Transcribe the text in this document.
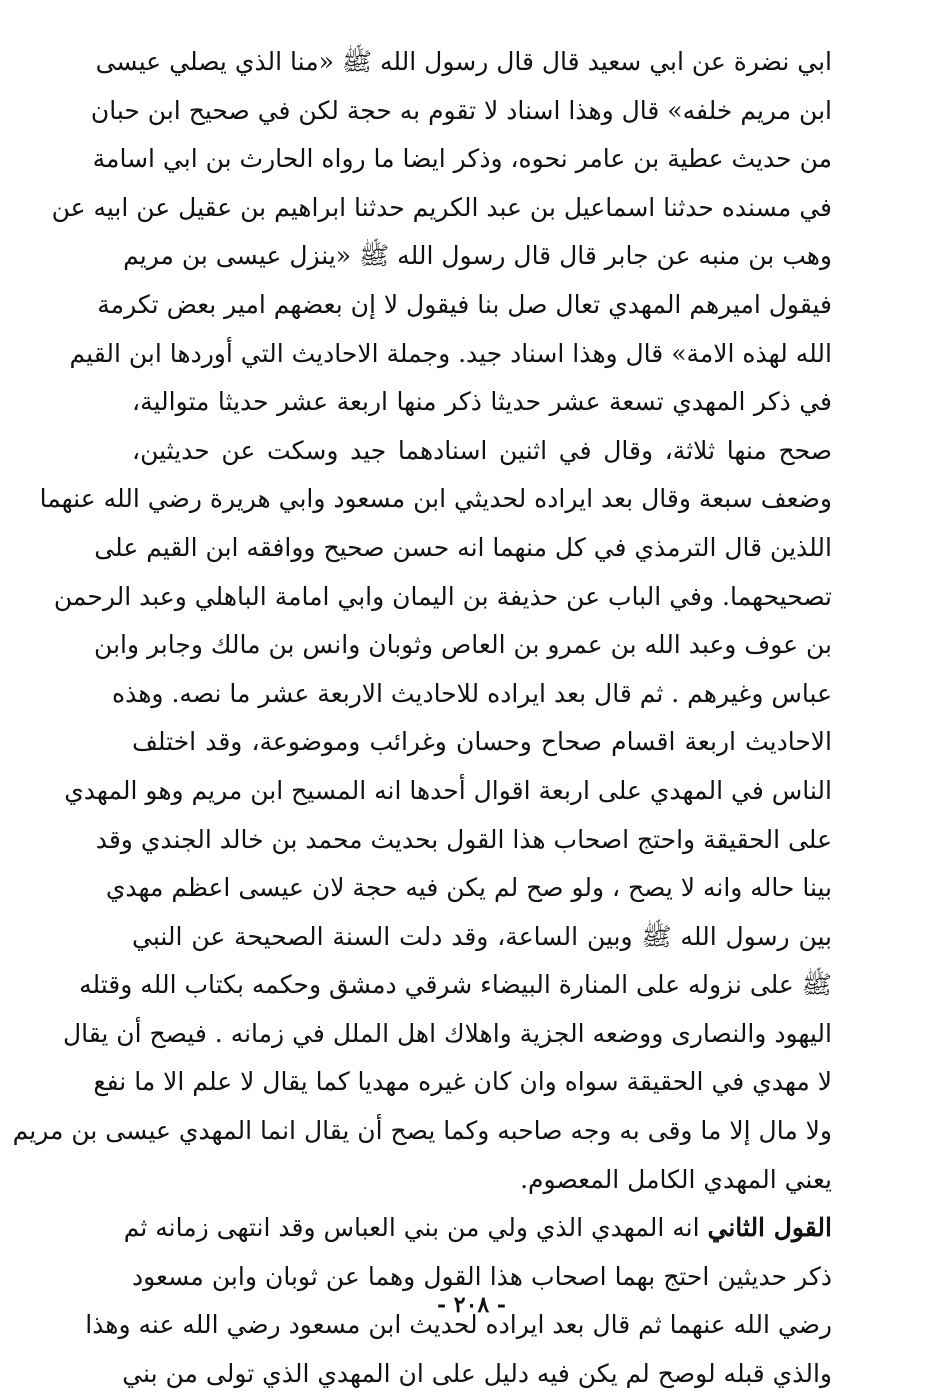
ابي نضرة عن ابي سعيد قال قال رسول الله ﷺ «منا الذي يصلي عيسى
ابن مريم خلفه» قال وهذا اسناد لا تقوم به حجة لكن في صحيح ابن حبان
من حديث عطية بن عامر نحوه، وذكر ايضا ما رواه الحارث بن ابي اسامة
في مسنده حدثنا اسماعيل بن عبد الكريم حدثنا ابراهيم بن عقيل عن ابيه عن
وهب بن منبه عن جابر قال قال رسول الله ﷺ «ينزل عيسى بن مريم
فيقول اميرهم المهدي تعال صل بنا فيقول لا إن بعضهم امير بعض تكرمة
الله لهذه الامة» قال وهذا اسناد جيد. وجملة الاحاديث التي أوردها ابن القيم
في ذكر المهدي تسعة عشر حديثا ذكر منها اربعة عشر حديثا متوالية،
صحح منها ثلاثة، وقال في اثنين اسنادهما جيد وسكت عن حديثين،
وضعف سبعة وقال بعد ايراده لحديثي ابن مسعود وابي هريرة رضي الله عنهما
اللذين قال الترمذي في كل منهما انه حسن صحيح ووافقه ابن القيم على
تصحيحهما. وفي الباب عن حذيفة بن اليمان وابي امامة الباهلي وعبد الرحمن
بن عوف وعبد الله بن عمرو بن العاص وثوبان وانس بن مالك وجابر وابن
عباس وغيرهم . ثم قال بعد ايراده للاحاديث الاربعة عشر ما نصه. وهذه
الاحاديث اربعة اقسام صحاح وحسان وغرائب وموضوعة، وقد اختلف
الناس في المهدي على اربعة اقوال أحدها انه المسيح ابن مريم وهو المهدي
على الحقيقة واحتج اصحاب هذا القول بحديث محمد بن خالد الجندي وقد
بينا حاله وانه لا يصح ، ولو صح لم يكن فيه حجة لان عيسى اعظم مهدي
بين رسول الله ﷺ وبين الساعة، وقد دلت السنة الصحيحة عن النبي
ﷺ على نزوله على المنارة البيضاء شرقي دمشق وحكمه بكتاب الله وقتله
اليهود والنصارى ووضعه الجزية واهلاك اهل الملل في زمانه . فيصح أن يقال
لا مهدي في الحقيقة سواه وان كان غيره مهديا كما يقال لا علم الا ما نفع
ولا مال إلا ما وقى به وجه صاحبه وكما يصح أن يقال انما المهدي عيسى بن مريم
يعني المهدي الكامل المعصوم.
القول الثاني انه المهدي الذي ولي من بني العباس وقد انتهى زمانه ثم
ذكر حديثين احتج بهما اصحاب هذا القول وهما عن ثوبان وابن مسعود
رضي الله عنهما ثم قال بعد ايراده لحديث ابن مسعود رضي الله عنه وهذا
والذي قبله لوصح لم يكن فيه دليل على ان المهدي الذي تولى من بني
- ٢٠٨ -
